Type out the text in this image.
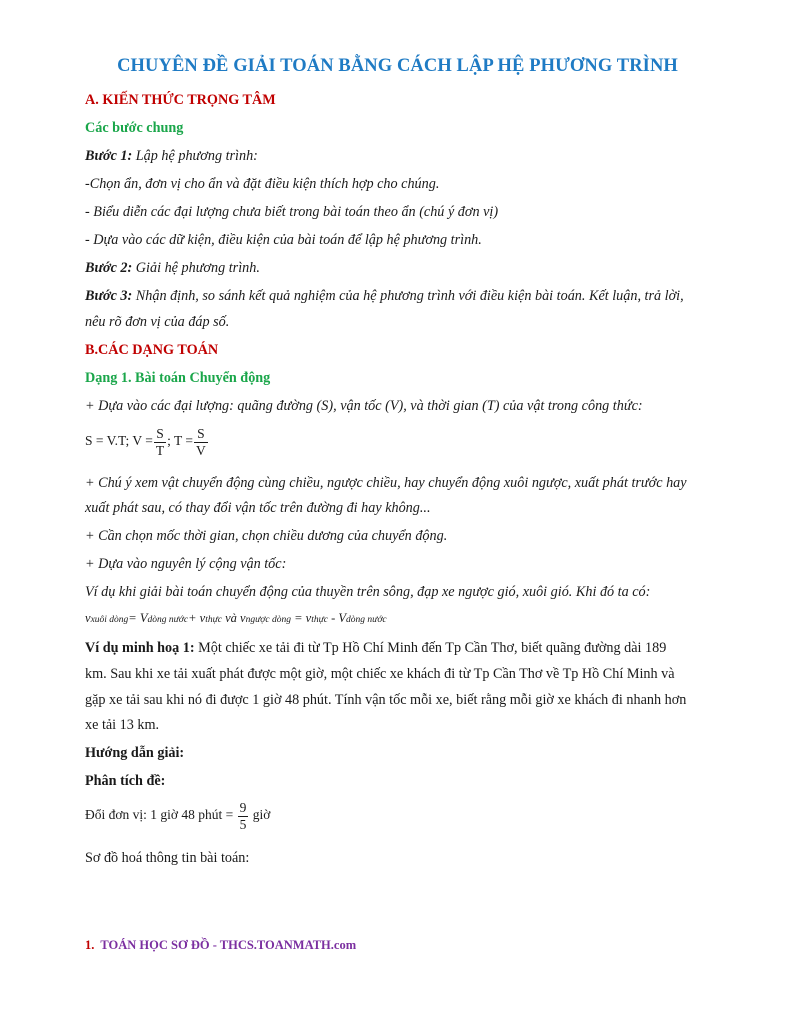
CHUYÊN ĐỀ GIẢI TOÁN BẰNG CÁCH LẬP HỆ PHƯƠNG TRÌNH
A. KIẾN THỨC TRỌNG TÂM
Các bước chung
Bước 1: Lập hệ phương trình:
-Chọn ẩn, đơn vị cho ẩn và đặt điều kiện thích hợp cho chúng.
- Biểu diễn các đại lượng chưa biết trong bài toán theo ẩn (chú ý đơn vị)
- Dựa vào các dữ kiện, điều kiện của bài toán để lập hệ phương trình.
Bước 2: Giải hệ phương trình.
Bước 3: Nhận định, so sánh kết quả nghiệm của hệ phương trình với điều kiện bài toán. Kết luận, trả lời,
nêu rõ đơn vị của đáp số.
B.CÁC DẠNG TOÁN
Dạng 1. Bài toán Chuyển động
+ Dựa vào các đại lượng: quãng đường (S), vận tốc (V), và thời gian (T) của vật trong công thức:
S = V.T; $V = \frac{S}{T}$ ; $T = \frac{S}{V}$
+ Chú ý xem vật chuyển động cùng chiều, ngược chiều, hay chuyển động xuôi ngược, xuất phát trước hay
xuất phát sau, có thay đổi vận tốc trên đường đi hay không...
+ Cần chọn mốc thời gian, chọn chiều dương của chuyển động.
+ Dựa vào nguyên lý cộng vận tốc:
Ví dụ khi giải bài toán chuyển động của thuyền trên sông, đạp xe ngược gió, xuôi gió. Khi đó ta có:
vxuôi dòng= Vdòng nước+ vthực và vngược dòng = vthực - Vdòng nước
Ví dụ minh hoạ 1: Một chiếc xe tải đi từ Tp Hồ Chí Minh đến Tp Cần Thơ, biết quãng đường dài 189
km. Sau khi xe tải xuất phát được một giờ, một chiếc xe khách đi từ Tp Cần Thơ về Tp Hồ Chí Minh và
gặp xe tải sau khi nó đi được 1 giờ 48 phút. Tính vận tốc mỗi xe, biết rằng mỗi giờ xe khách đi nhanh hơn
xe tải 13 km.
Hướng dẫn giải:
Phân tích đề:
Đổi đơn vị: 1 giờ 48 phút = $\frac{9}{5}$ giờ
Sơ đồ hoá thông tin bài toán:
1. TOÁN HỌC SƠ ĐỒ - THCS.TOANMATH.com
